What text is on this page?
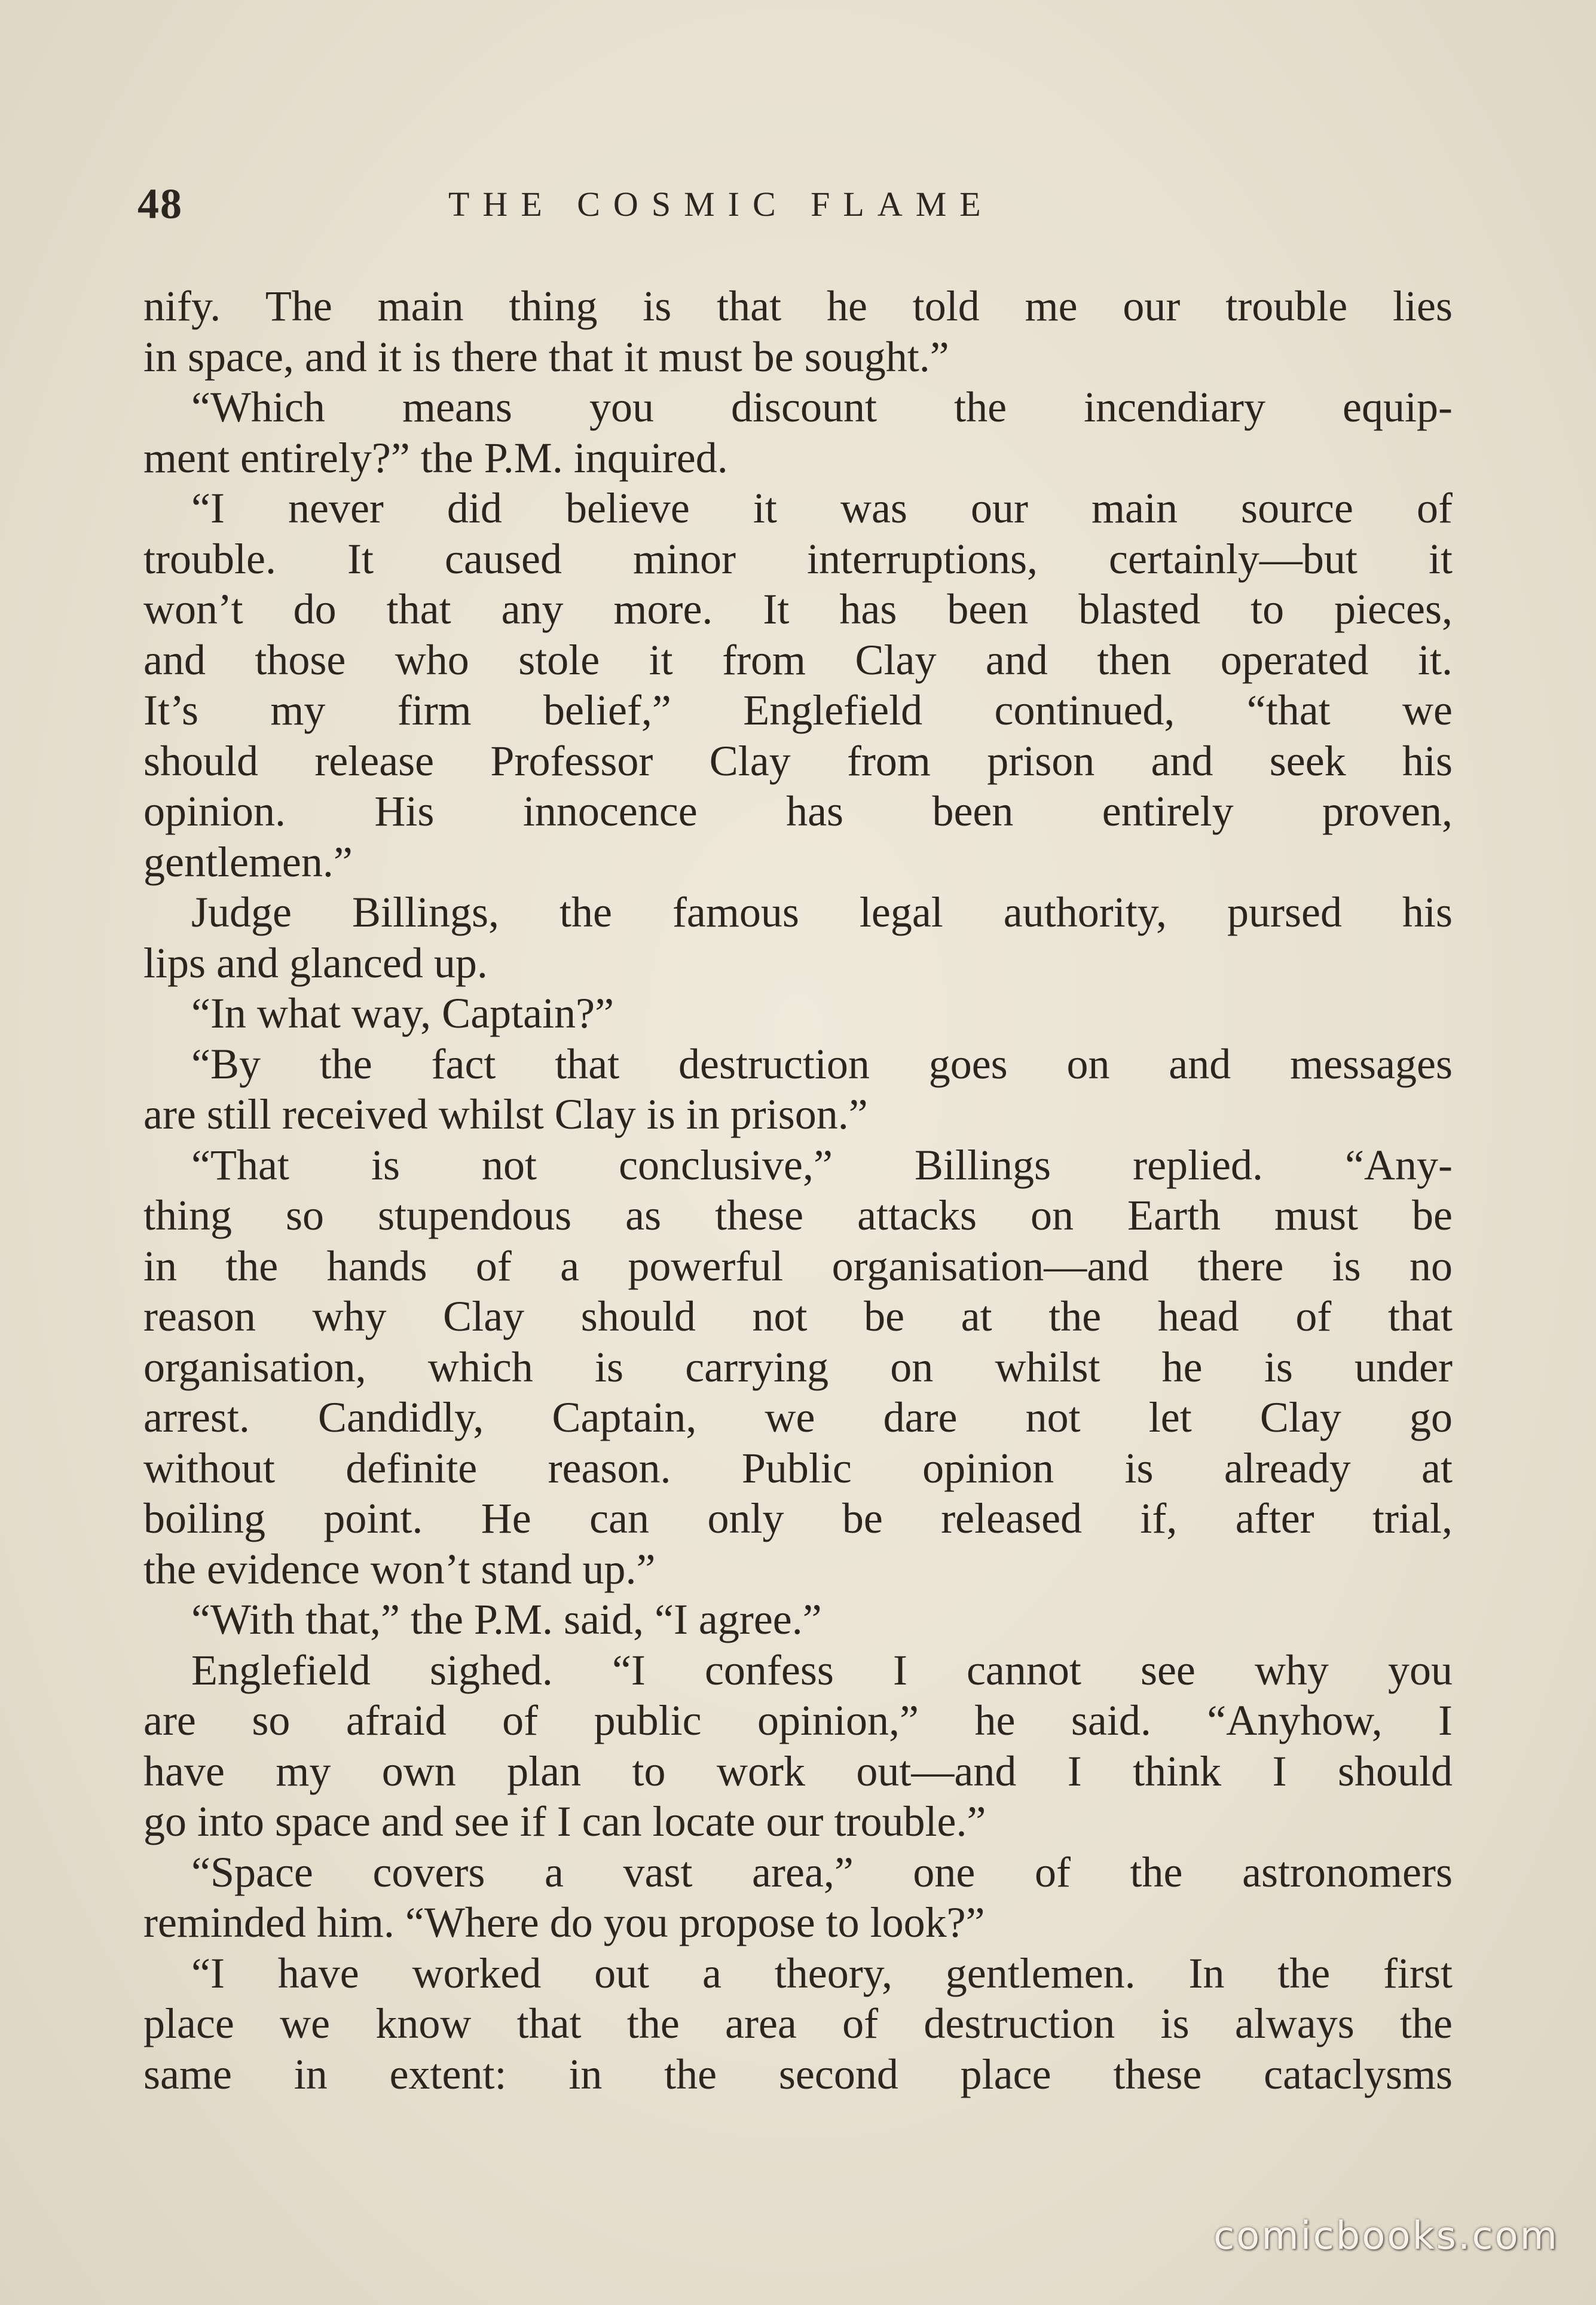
48	THE COSMIC FLAME
nify. The main thing is that he told me our trouble lies
in space, and it is there that it must be sought.”
“Which means you discount the incendiary equip-
ment entirely?” the P.M. inquired.
“I never did believe it was our main source of
trouble. It caused minor interruptions, certainly—but it
won’t do that any more. It has been blasted to pieces,
and those who stole it from Clay and then operated it.
It’s my firm belief,” Englefield continued, “that we
should release Professor Clay from prison and seek his
opinion. His innocence has been entirely proven,
gentlemen.”
Judge Billings, the famous legal authority, pursed his
lips and glanced up.
“In what way, Captain?”
“By the fact that destruction goes on and messages
are still received whilst Clay is in prison.”
“That is not conclusive,” Billings replied. “Any-
thing so stupendous as these attacks on Earth must be
in the hands of a powerful organisation—and there is no
reason why Clay should not be at the head of that
organisation, which is carrying on whilst he is under
arrest. Candidly, Captain, we dare not let Clay go
without definite reason. Public opinion is already at
boiling point. He can only be released if, after trial,
the evidence won’t stand up.”
“With that,” the P.M. said, “I agree.”
Englefield sighed. “I confess I cannot see why you
are so afraid of public opinion,” he said. “Anyhow, I
have my own plan to work out—and I think I should
go into space and see if I can locate our trouble.”
“Space covers a vast area,” one of the astronomers
reminded him. “Where do you propose to look?”
“I have worked out a theory, gentlemen. In the first
place we know that the area of destruction is always the
same in extent: in the second place these cataclysms
comicbooks.com
